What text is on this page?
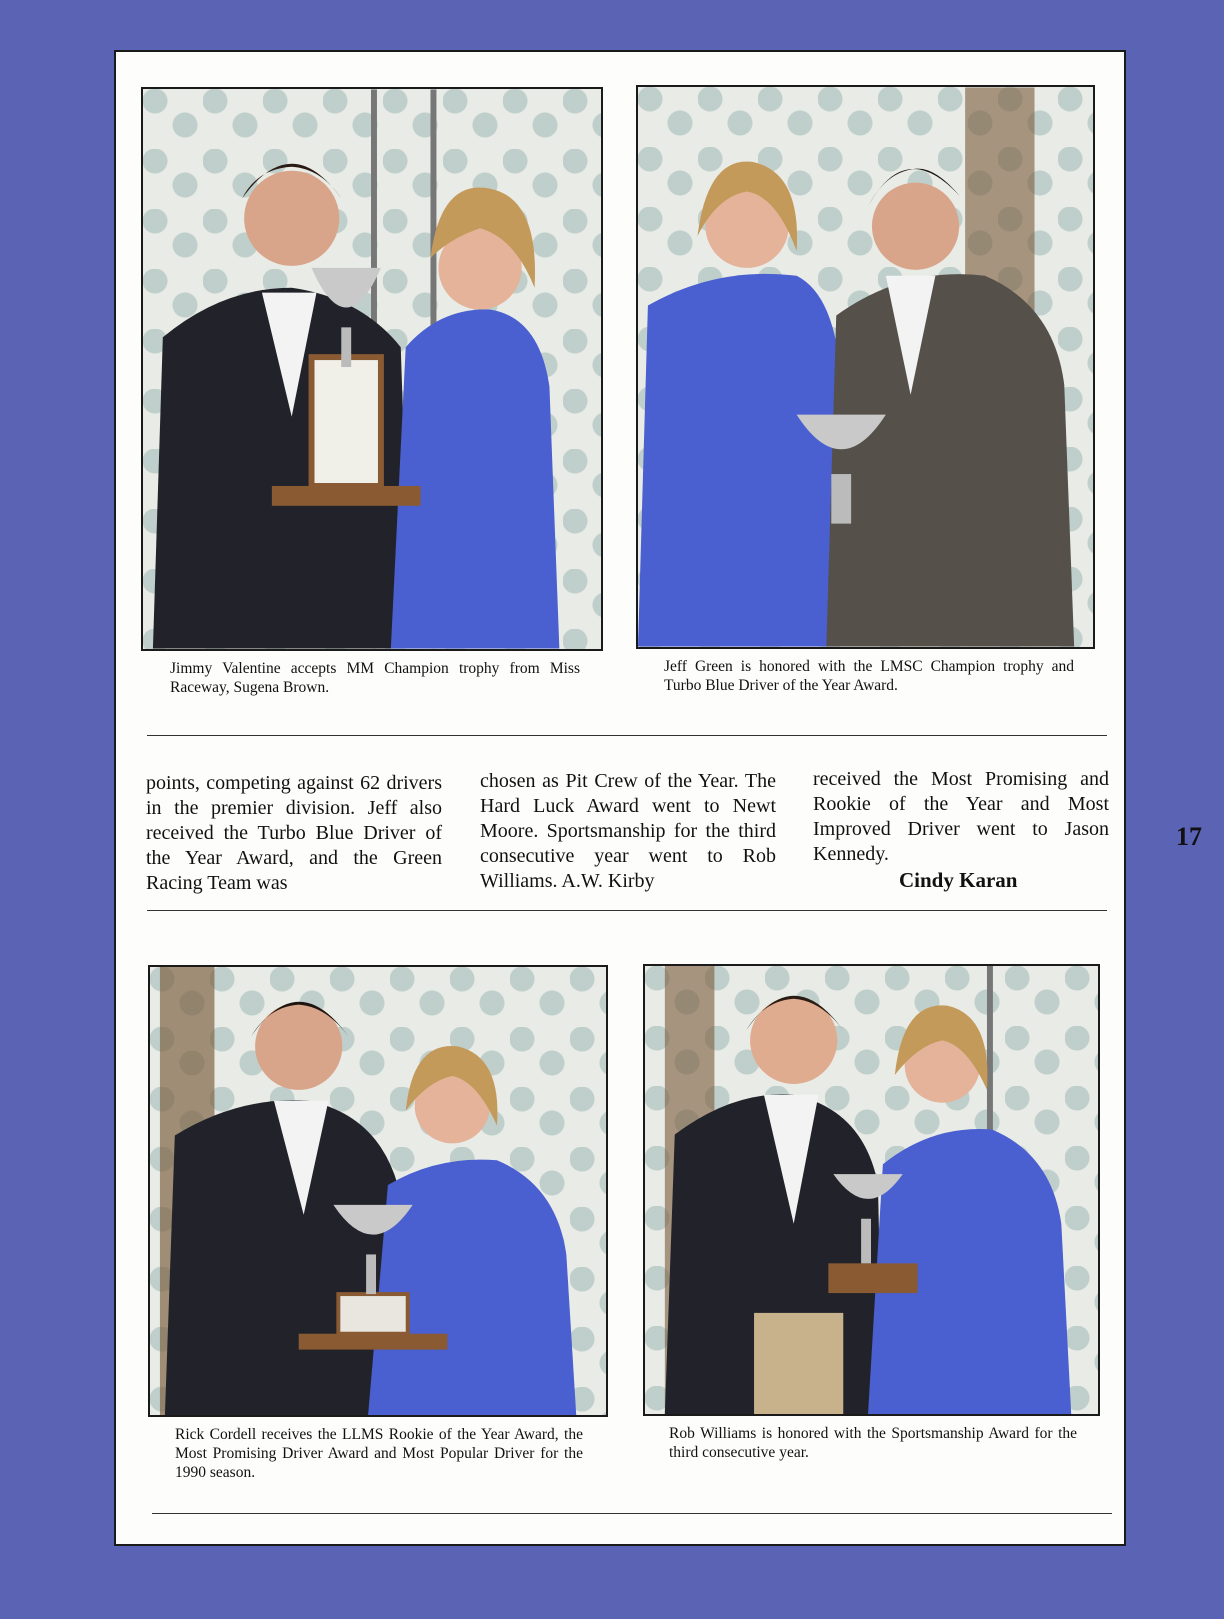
Jimmy Valentine accepts MM Champion trophy from Miss Raceway, Sugena Brown.
Jeff Green is honored with the LMSC Champion trophy and Turbo Blue Driver of the Year Award.
points, competing against 62 drivers in the premier division. Jeff also received the Turbo Blue Driver of the Year Award, and the Green Racing Team was
chosen as Pit Crew of the Year. The Hard Luck Award went to Newt Moore. Sportsmanship for the third consecutive year went to Rob Williams. A.W. Kirby
received the Most Promising and Rookie of the Year and Most Improved Driver went to Jason Kennedy.
Cindy Karan
17
Rick Cordell receives the LLMS Rookie of the Year Award, the Most Promising Driver Award and Most Popular Driver for the 1990 season.
Rob Williams is honored with the Sportsmanship Award for the third consecutive year.
